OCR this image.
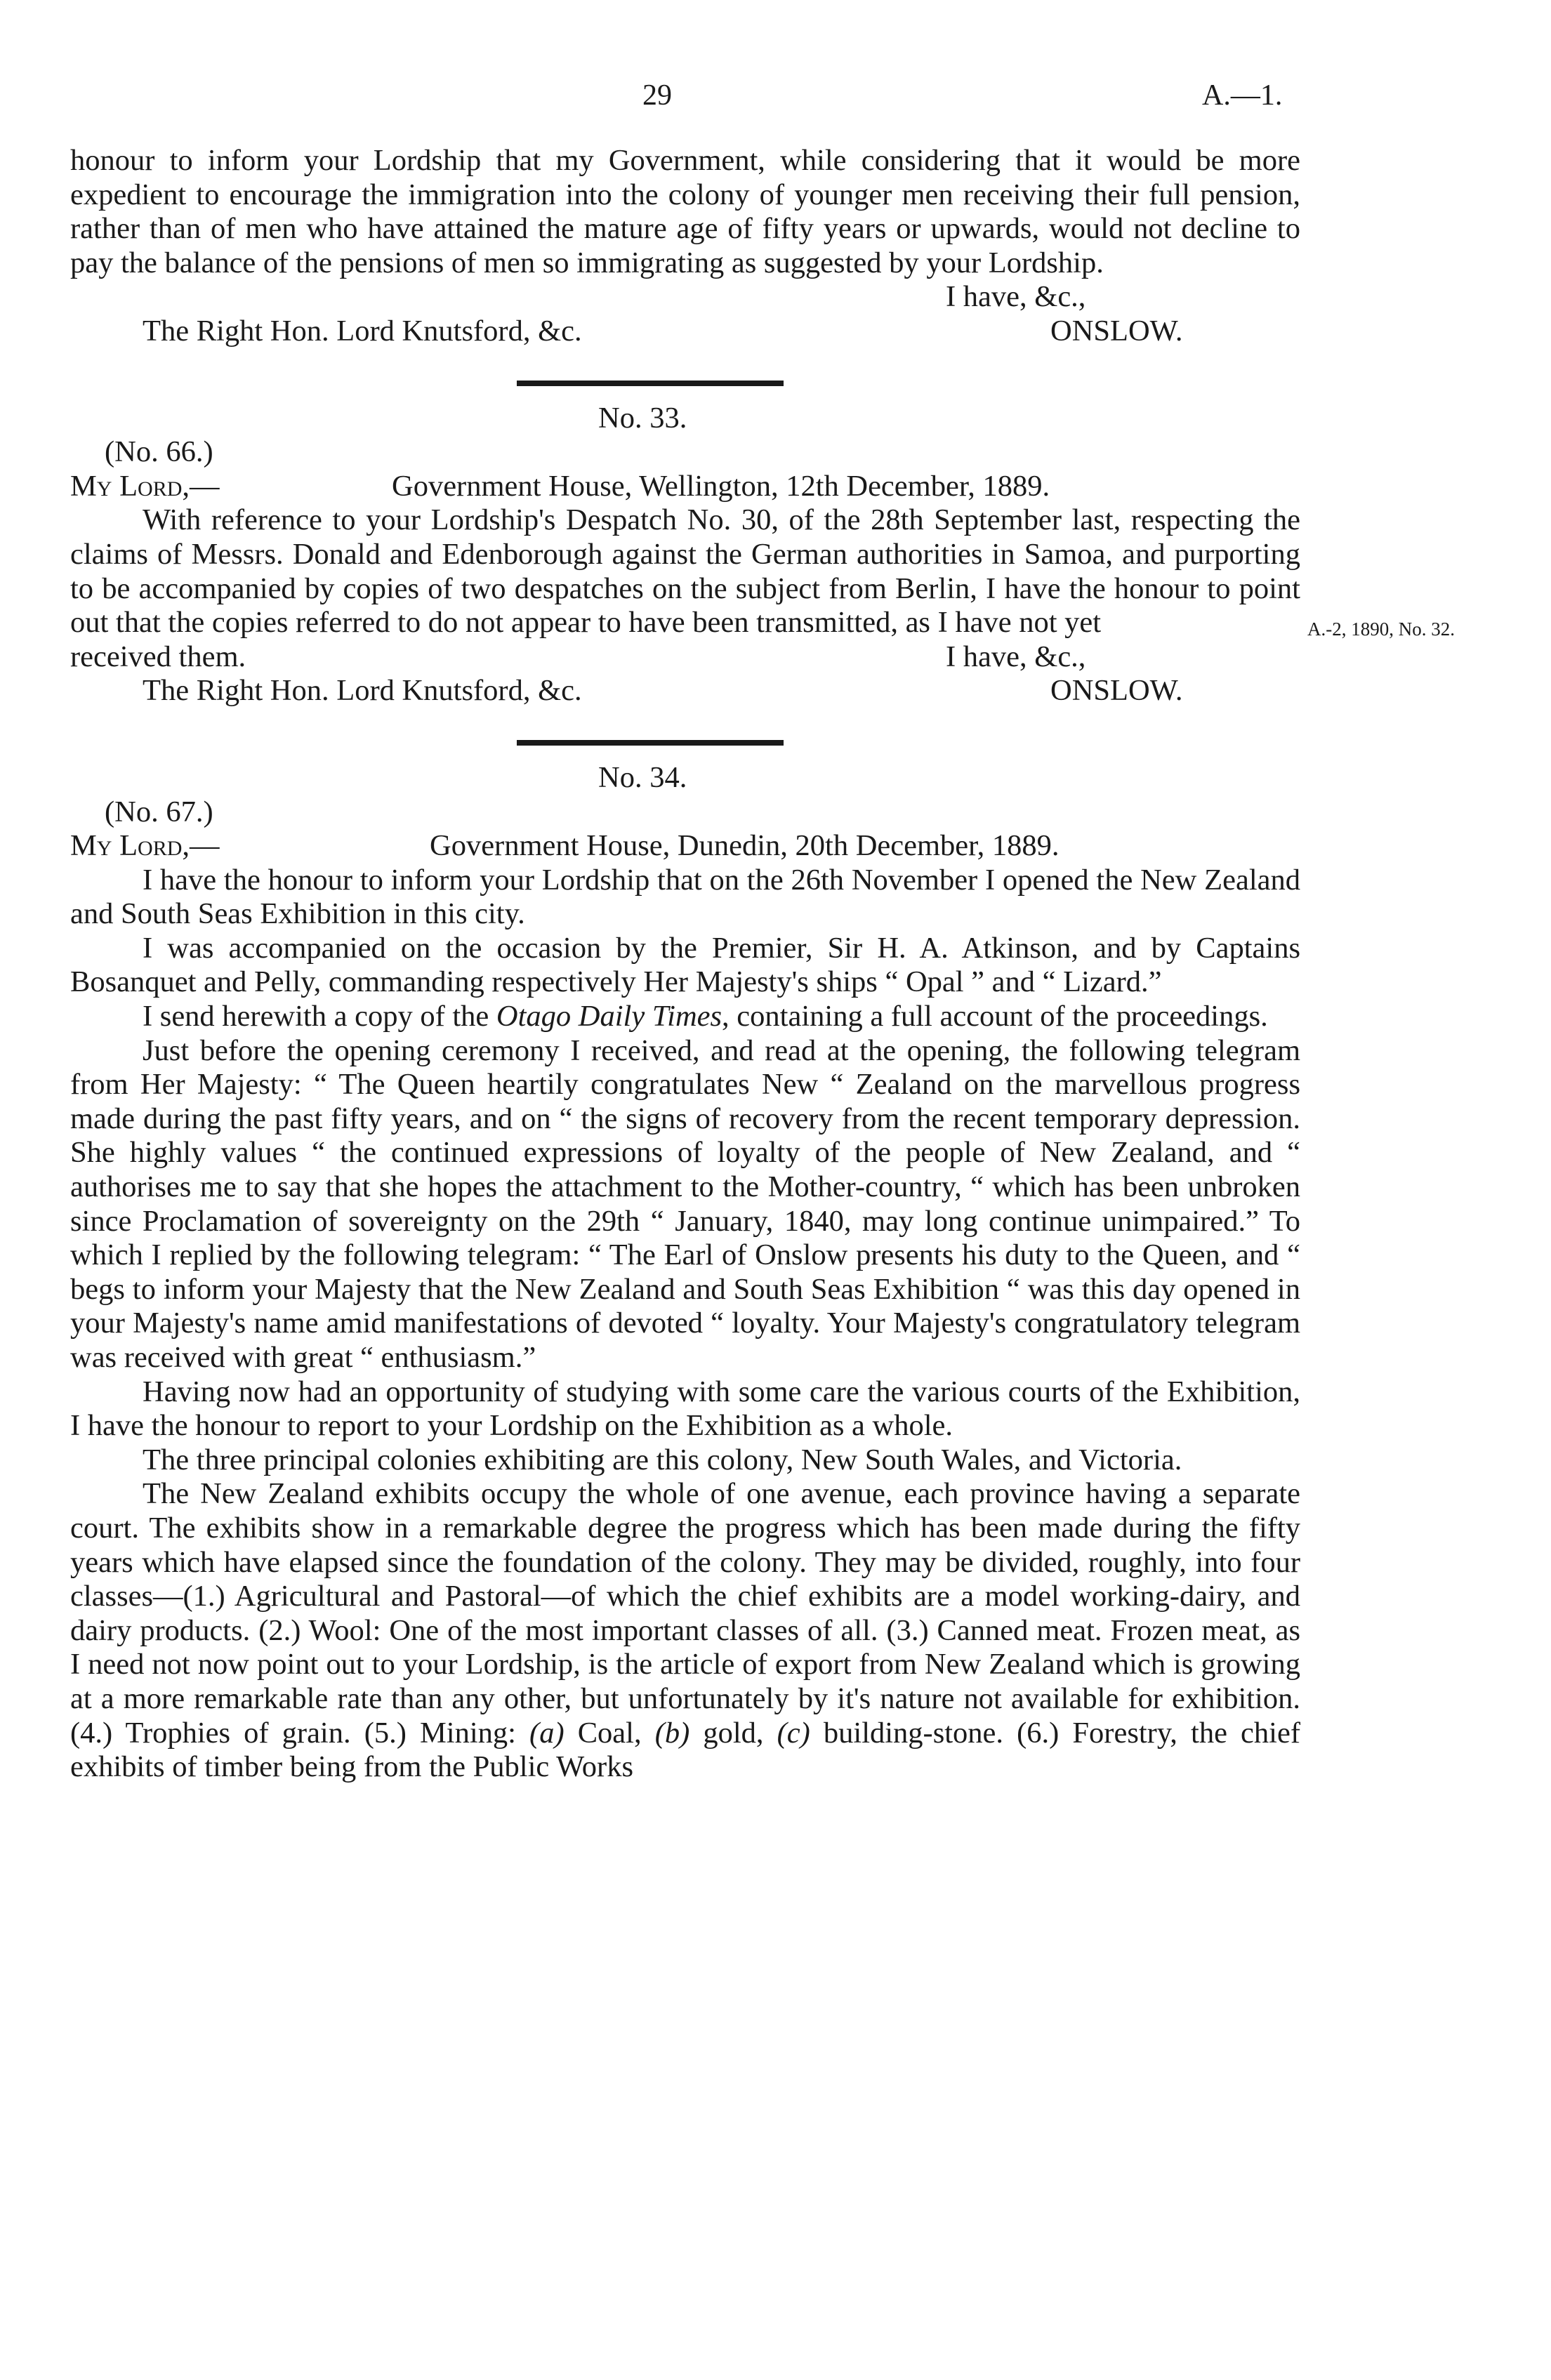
29	A.—1.
A.-2, 1890, No. 32.

honour to inform your Lordship that my Government, while considering that it would be more expedient to encourage the immigration into the colony of younger men receiving their full pension, rather than of men who have attained the mature age of fifty years or upwards, would not decline to pay the balance of the pensions of men so immigrating as suggested by your Lordship.

I have, &c.,

The Right Hon. Lord Knutsford, &c.	ONSLOW.

No. 33.

(No. 66.)

My Lord,—	Government House, Wellington, 12th December, 1889.

With reference to your Lordship's Despatch No. 30, of the 28th September last, respecting the claims of Messrs. Donald and Edenborough against the German authorities in Samoa, and purporting to be accompanied by copies of two despatches on the subject from Berlin, I have the honour to point out that the copies referred to do not appear to have been transmitted, as I have not yet

received them.	I have, &c.,
The Right Hon. Lord Knutsford, &c.	ONSLOW.

No. 34.

(No. 67.)

My Lord,—	Government House, Dunedin, 20th December, 1889.

I have the honour to inform your Lordship that on the 26th November I opened the New Zealand and South Seas Exhibition in this city.

I was accompanied on the occasion by the Premier, Sir H. A. Atkinson, and by Captains Bosanquet and Pelly, commanding respectively Her Majesty's ships “ Opal ” and “ Lizard.”

I send herewith a copy of the Otago Daily Times, containing a full account of the proceedings.

Just before the opening ceremony I received, and read at the opening, the following telegram from Her Majesty: “ The Queen heartily congratulates New “ Zealand on the marvellous progress made during the past fifty years, and on “ the signs of recovery from the recent temporary depression. She highly values “ the continued expressions of loyalty of the people of New Zealand, and “ authorises me to say that she hopes the attachment to the Mother-country, “ which has been unbroken since Proclamation of sovereignty on the 29th “ January, 1840, may long continue unimpaired.” To which I replied by the following telegram: “ The Earl of Onslow presents his duty to the Queen, and “ begs to inform your Majesty that the New Zealand and South Seas Exhibition “ was this day opened in your Majesty's name amid manifestations of devoted “ loyalty. Your Majesty's congratulatory telegram was received with great “ enthusiasm.”

Having now had an opportunity of studying with some care the various courts of the Exhibition, I have the honour to report to your Lordship on the Exhibition as a whole.

The three principal colonies exhibiting are this colony, New South Wales, and Victoria.

The New Zealand exhibits occupy the whole of one avenue, each province having a separate court. The exhibits show in a remarkable degree the progress which has been made during the fifty years which have elapsed since the foundation of the colony. They may be divided, roughly, into four classes—(1.) Agricultural and Pastoral—of which the chief exhibits are a model working-dairy, and dairy products. (2.) Wool: One of the most important classes of all. (3.) Canned meat. Frozen meat, as I need not now point out to your Lordship, is the article of export from New Zealand which is growing at a more remarkable rate than any other, but unfortunately by it's nature not available for exhibition. (4.) Trophies of grain. (5.) Mining: (a) Coal, (b) gold, (c) building-stone. (6.) Forestry, the chief exhibits of timber being from the Public Works
